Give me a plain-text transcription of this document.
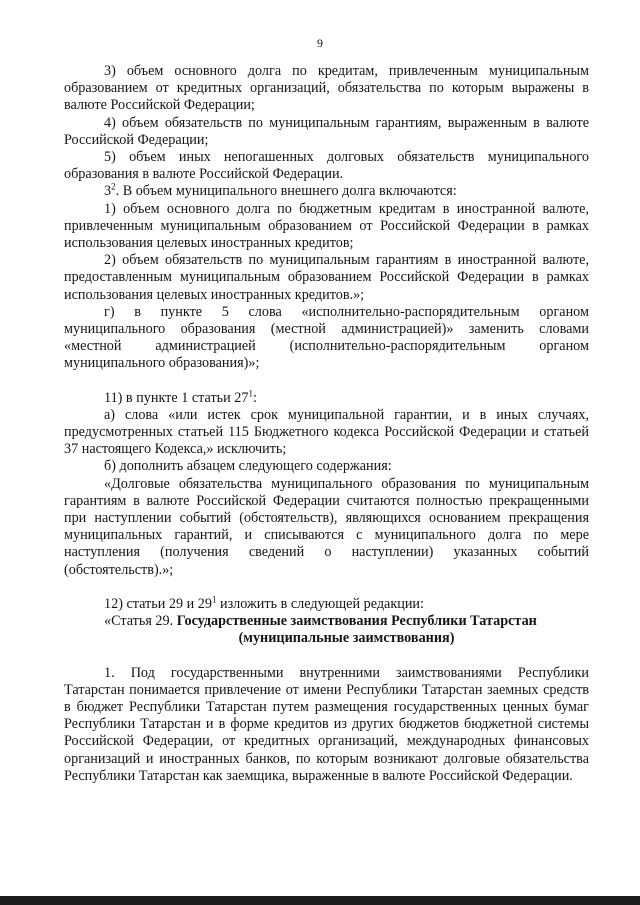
9

3) объем основного долга по кредитам, привлеченным муниципальным образованием от кредитных организаций, обязательства по которым выражены в валюте Российской Федерации;

4) объем обязательств по муниципальным гарантиям, выраженным в валюте Российской Федерации;

5) объем иных непогашенных долговых обязательств муниципального образования в валюте Российской Федерации.

$3^2$. В объем муниципального внешнего долга включаются:

1) объем основного долга по бюджетным кредитам в иностранной валюте, привлеченным муниципальным образованием от Российской Федерации в рамках использования целевых иностранных кредитов;

2) объем обязательств по муниципальным гарантиям в иностранной валюте, предоставленным муниципальным образованием Российской Федерации в рамках использования целевых иностранных кредитов.»;

г) в пункте 5 слова «исполнительно-распорядительным органом муниципального образования (местной администрацией)» заменить словами «местной администрацией (исполнительно-распорядительным органом муниципального образования)»;

11) в пункте 1 статьи $27^1$:

а) слова «или истек срок муниципальной гарантии, и в иных случаях, предусмотренных статьей 115 Бюджетного кодекса Российской Федерации и статьей 37 настоящего Кодекса,» исключить;

б) дополнить абзацем следующего содержания:

«Долговые обязательства муниципального образования по муниципальным гарантиям в валюте Российской Федерации считаются полностью прекращенными при наступлении событий (обстоятельств), являющихся основанием прекращения муниципальных гарантий, и списываются с муниципального долга по мере наступления (получения сведений о наступлении) указанных событий (обстоятельств).»;

12) статьи 29 и $29^1$ изложить в следующей редакции:

«Статья 29. Государственные заимствования Республики Татарстан

(муниципальные заимствования)

1. Под государственными внутренними заимствованиями Республики Татарстан понимается привлечение от имени Республики Татарстан заемных средств в бюджет Республики Татарстан путем размещения государственных ценных бумаг Республики Татарстан и в форме кредитов из других бюджетов бюджетной системы Российской Федерации, от кредитных организаций, международных финансовых организаций и иностранных банков, по которым возникают долговые обязательства Республики Татарстан как заемщика, выраженные в валюте Российской Федерации.
